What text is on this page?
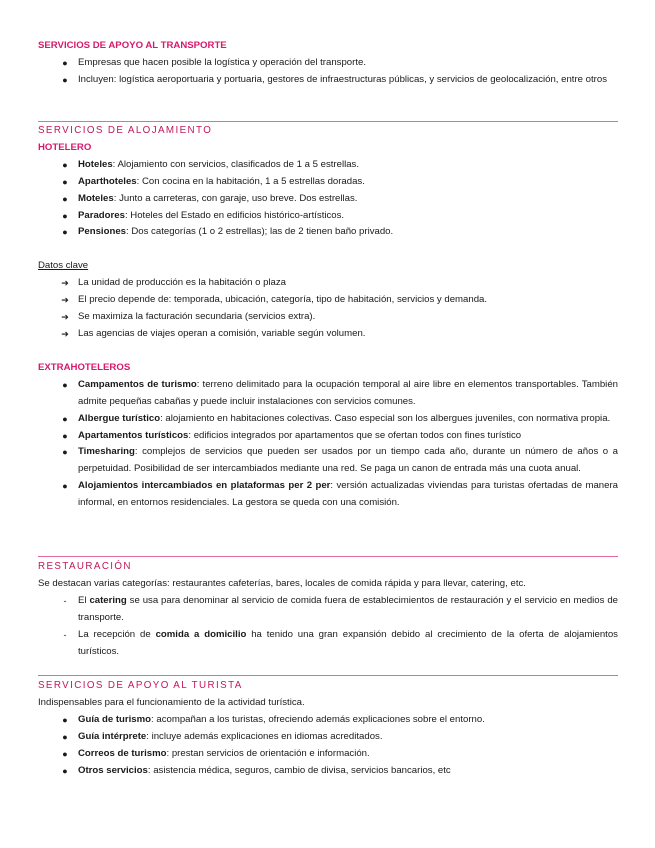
SERVICIOS DE APOYO AL TRANSPORTE
●	Empresas que hacen posible la logística y operación del transporte.
●	Incluyen: logística aeroportuaria y portuaria, gestores de infraestructuras públicas, y servicios de geolocalización, entre otros
SERVICIOS DE ALOJAMIENTO
HOTELERO
●	Hoteles: Alojamiento con servicios, clasificados de 1 a 5 estrellas.
●	Aparthoteles: Con cocina en la habitación, 1 a 5 estrellas doradas.
●	Moteles: Junto a carreteras, con garaje, uso breve. Dos estrellas.
●	Paradores: Hoteles del Estado en edificios histórico-artísticos.
●	Pensiones: Dos categorías (1 o 2 estrellas); las de 2 tienen baño privado.
Datos clave
➔ La unidad de producción es la habitación o plaza
➔ El precio depende de: temporada, ubicación, categoría, tipo de habitación, servicios y demanda.
➔ Se maximiza la facturación secundaria (servicios extra).
➔ Las agencias de viajes operan a comisión, variable según volumen.
EXTRAHOTELEROS
●	Campamentos de turismo: terreno delimitado para la ocupación temporal al aire libre en elementos transportables. También admite pequeñas cabañas y puede incluir instalaciones con servicios comunes.
●	Albergue turístico: alojamiento en habitaciones colectivas. Caso especial son los albergues juveniles, con normativa propia.
●	Apartamentos turísticos: edificios integrados por apartamentos que se ofertan todos con fines turístico
●	Timesharing: complejos de servicios que pueden ser usados por un tiempo cada año, durante un número de años o a perpetuidad. Posibilidad de ser intercambiados mediante una red. Se paga un canon de entrada más una cuota anual.
●	Alojamientos intercambiados en plataformas per 2 per: versión actualizadas viviendas para turistas ofertadas de manera informal, en entornos residenciales. La gestora se queda con una comisión.
RESTAURACIÓN
Se destacan varias categorías: restaurantes cafeterías, bares, locales de comida rápida y para llevar, catering, etc.
-	El catering se usa para denominar al servicio de comida fuera de establecimientos de restauración y el servicio en medios de transporte.
-	La recepción de comida a domicilio ha tenido una gran expansión debido al crecimiento de la oferta de alojamientos turísticos.
SERVICIOS DE APOYO AL TURISTA
Indispensables para el funcionamiento de la actividad turística.
●	Guía de turismo: acompañan a los turistas, ofreciendo además explicaciones sobre el entorno.
●	Guía intérprete: incluye además explicaciones en idiomas acreditados.
●	Correos de turismo: prestan servicios de orientación e información.
●	Otros servicios: asistencia médica, seguros, cambio de divisa, servicios bancarios, etc
